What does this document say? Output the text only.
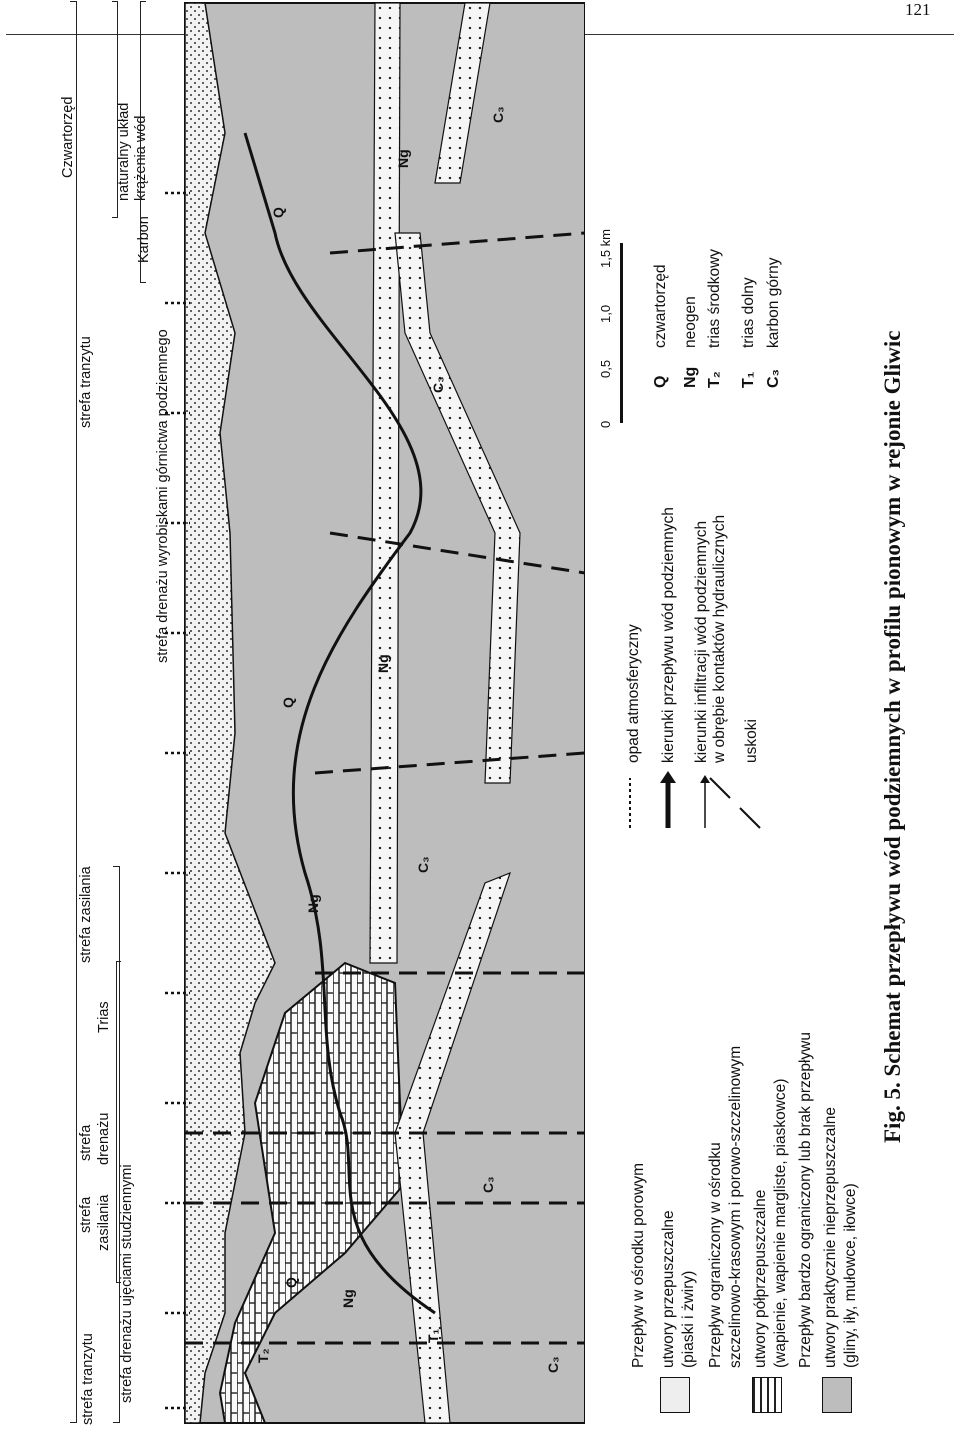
121
strefa tranzytu
strefa zasilania
strefa drenażu
strefa drenażu ujęciami studziennymi
Trias
strefa zasilania
strefa drenażu wyrobiskami górnictwa podziemnego
strefa tranzytu
Karbon
naturalny układ krążenia wód
Czwartorzęd
Q
Ng
T₂
T₁
C₃
C₃
Ng
C₃
Q
Ng
C₃
Q
Ng
C₃
Przepływ w ośrodku porowym utwory przepuszczalne (piaski i żwiry) Przepływ ograniczony w ośrodku szczelinowo-krasowym i porowo-szczelinowym utwory półprzepuszczalne (wapienie, wapienie margliste, piaskowce) Przepływ bardzo ograniczony lub brak przepływu utwory praktycznie nieprzepuszczalne (gliny, iły, mułowce, iłowce)
opad atmosferyczny kierunki przepływu wód podziemnych kierunki infiltracji wód podziemnych w obrębie kontaktów hydraulicznych uskoki
0
0,5
1,0
1,5 km
Q
czwartorzęd
Ng
neogen
T₂
trias środkowy
T₁
trias dolny
C₃
karbon górny
Fig. 5. Schemat przepływu wód podziemnych w profilu pionowym w rejonie Gliwic
